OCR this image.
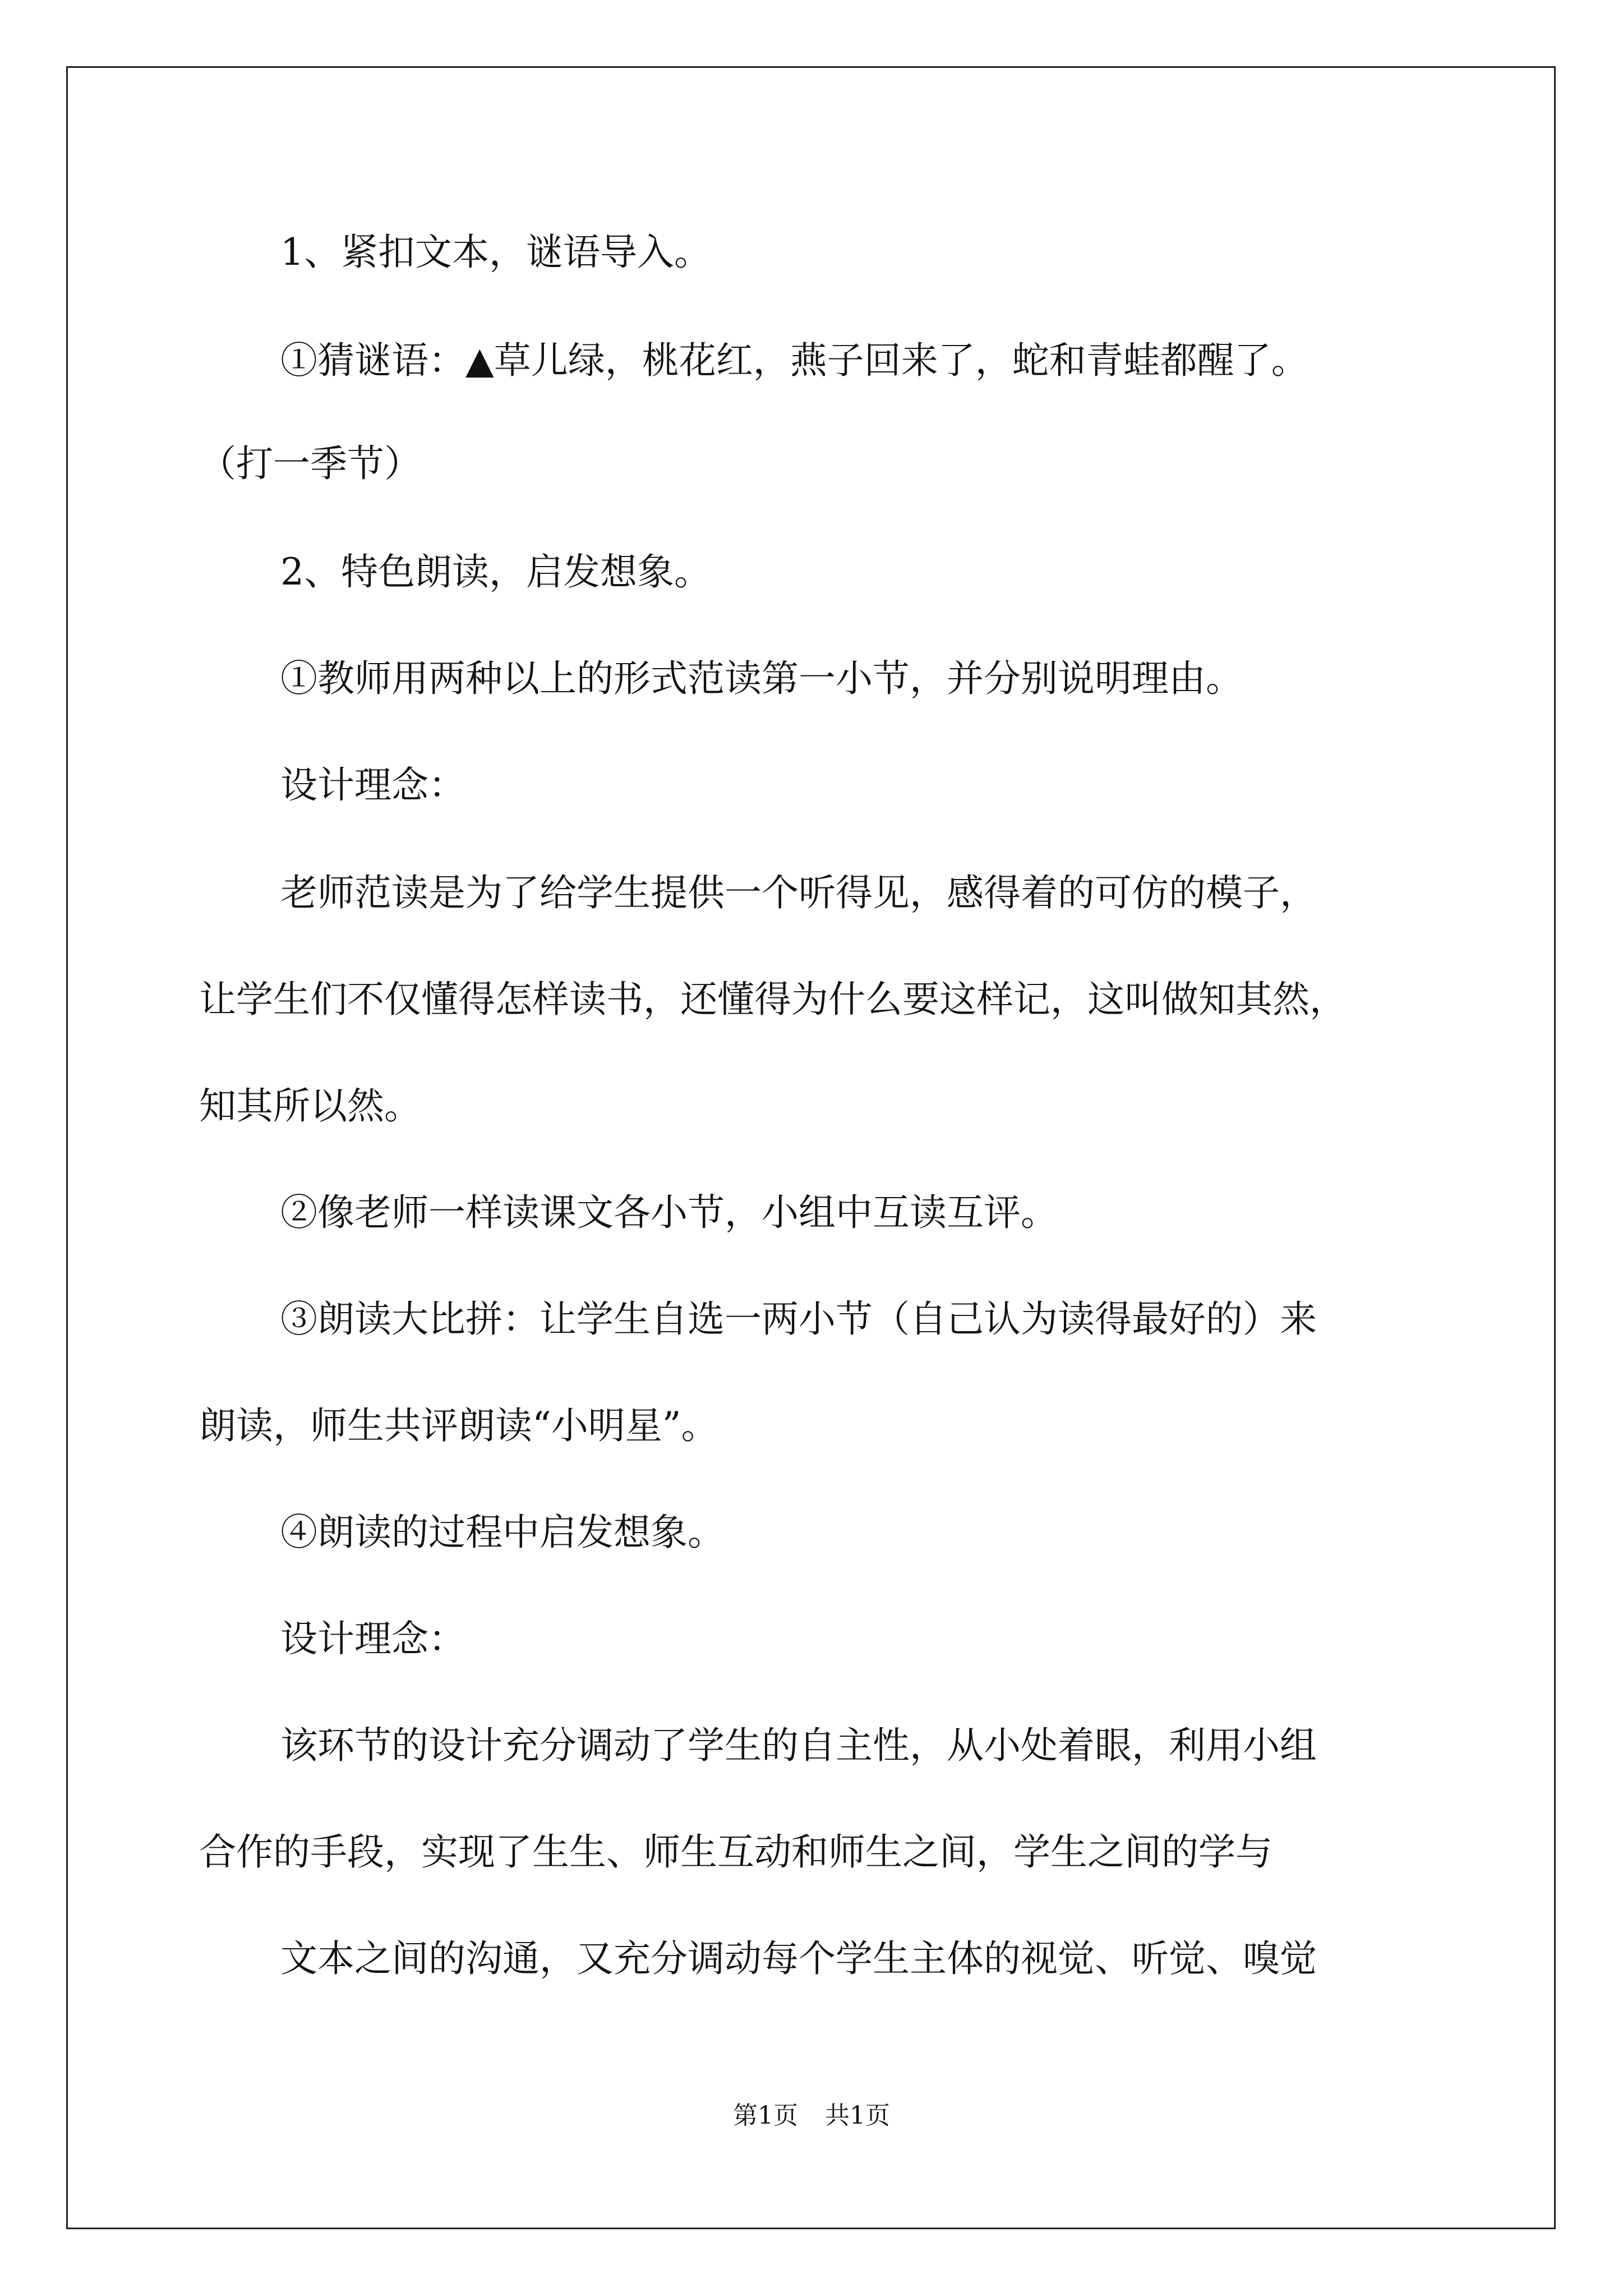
1、紧扣文本，谜语导入。
①猜谜语：▲草儿绿，桃花红，燕子回来了，蛇和青蛙都醒了。
（打一季节）
2、特色朗读，启发想象。
①教师用两种以上的形式范读第一小节，并分别说明理由。
设计理念：
老师范读是为了给学生提供一个听得见，感得着的可仿的模子，
让学生们不仅懂得怎样读书，还懂得为什么要这样记，这叫做知其然，
知其所以然。
②像老师一样读课文各小节，小组中互读互评。
③朗读大比拼：让学生自选一两小节（自己认为读得最好的）来
朗读，师生共评朗读“小明星”。
④朗读的过程中启发想象。
设计理念：
该环节的设计充分调动了学生的自主性，从小处着眼，利用小组
合作的手段，实现了生生、师生互动和师生之间，学生之间的学与
文本之间的沟通，又充分调动每个学生主体的视觉、听觉、嗅觉
第1页 共1页
